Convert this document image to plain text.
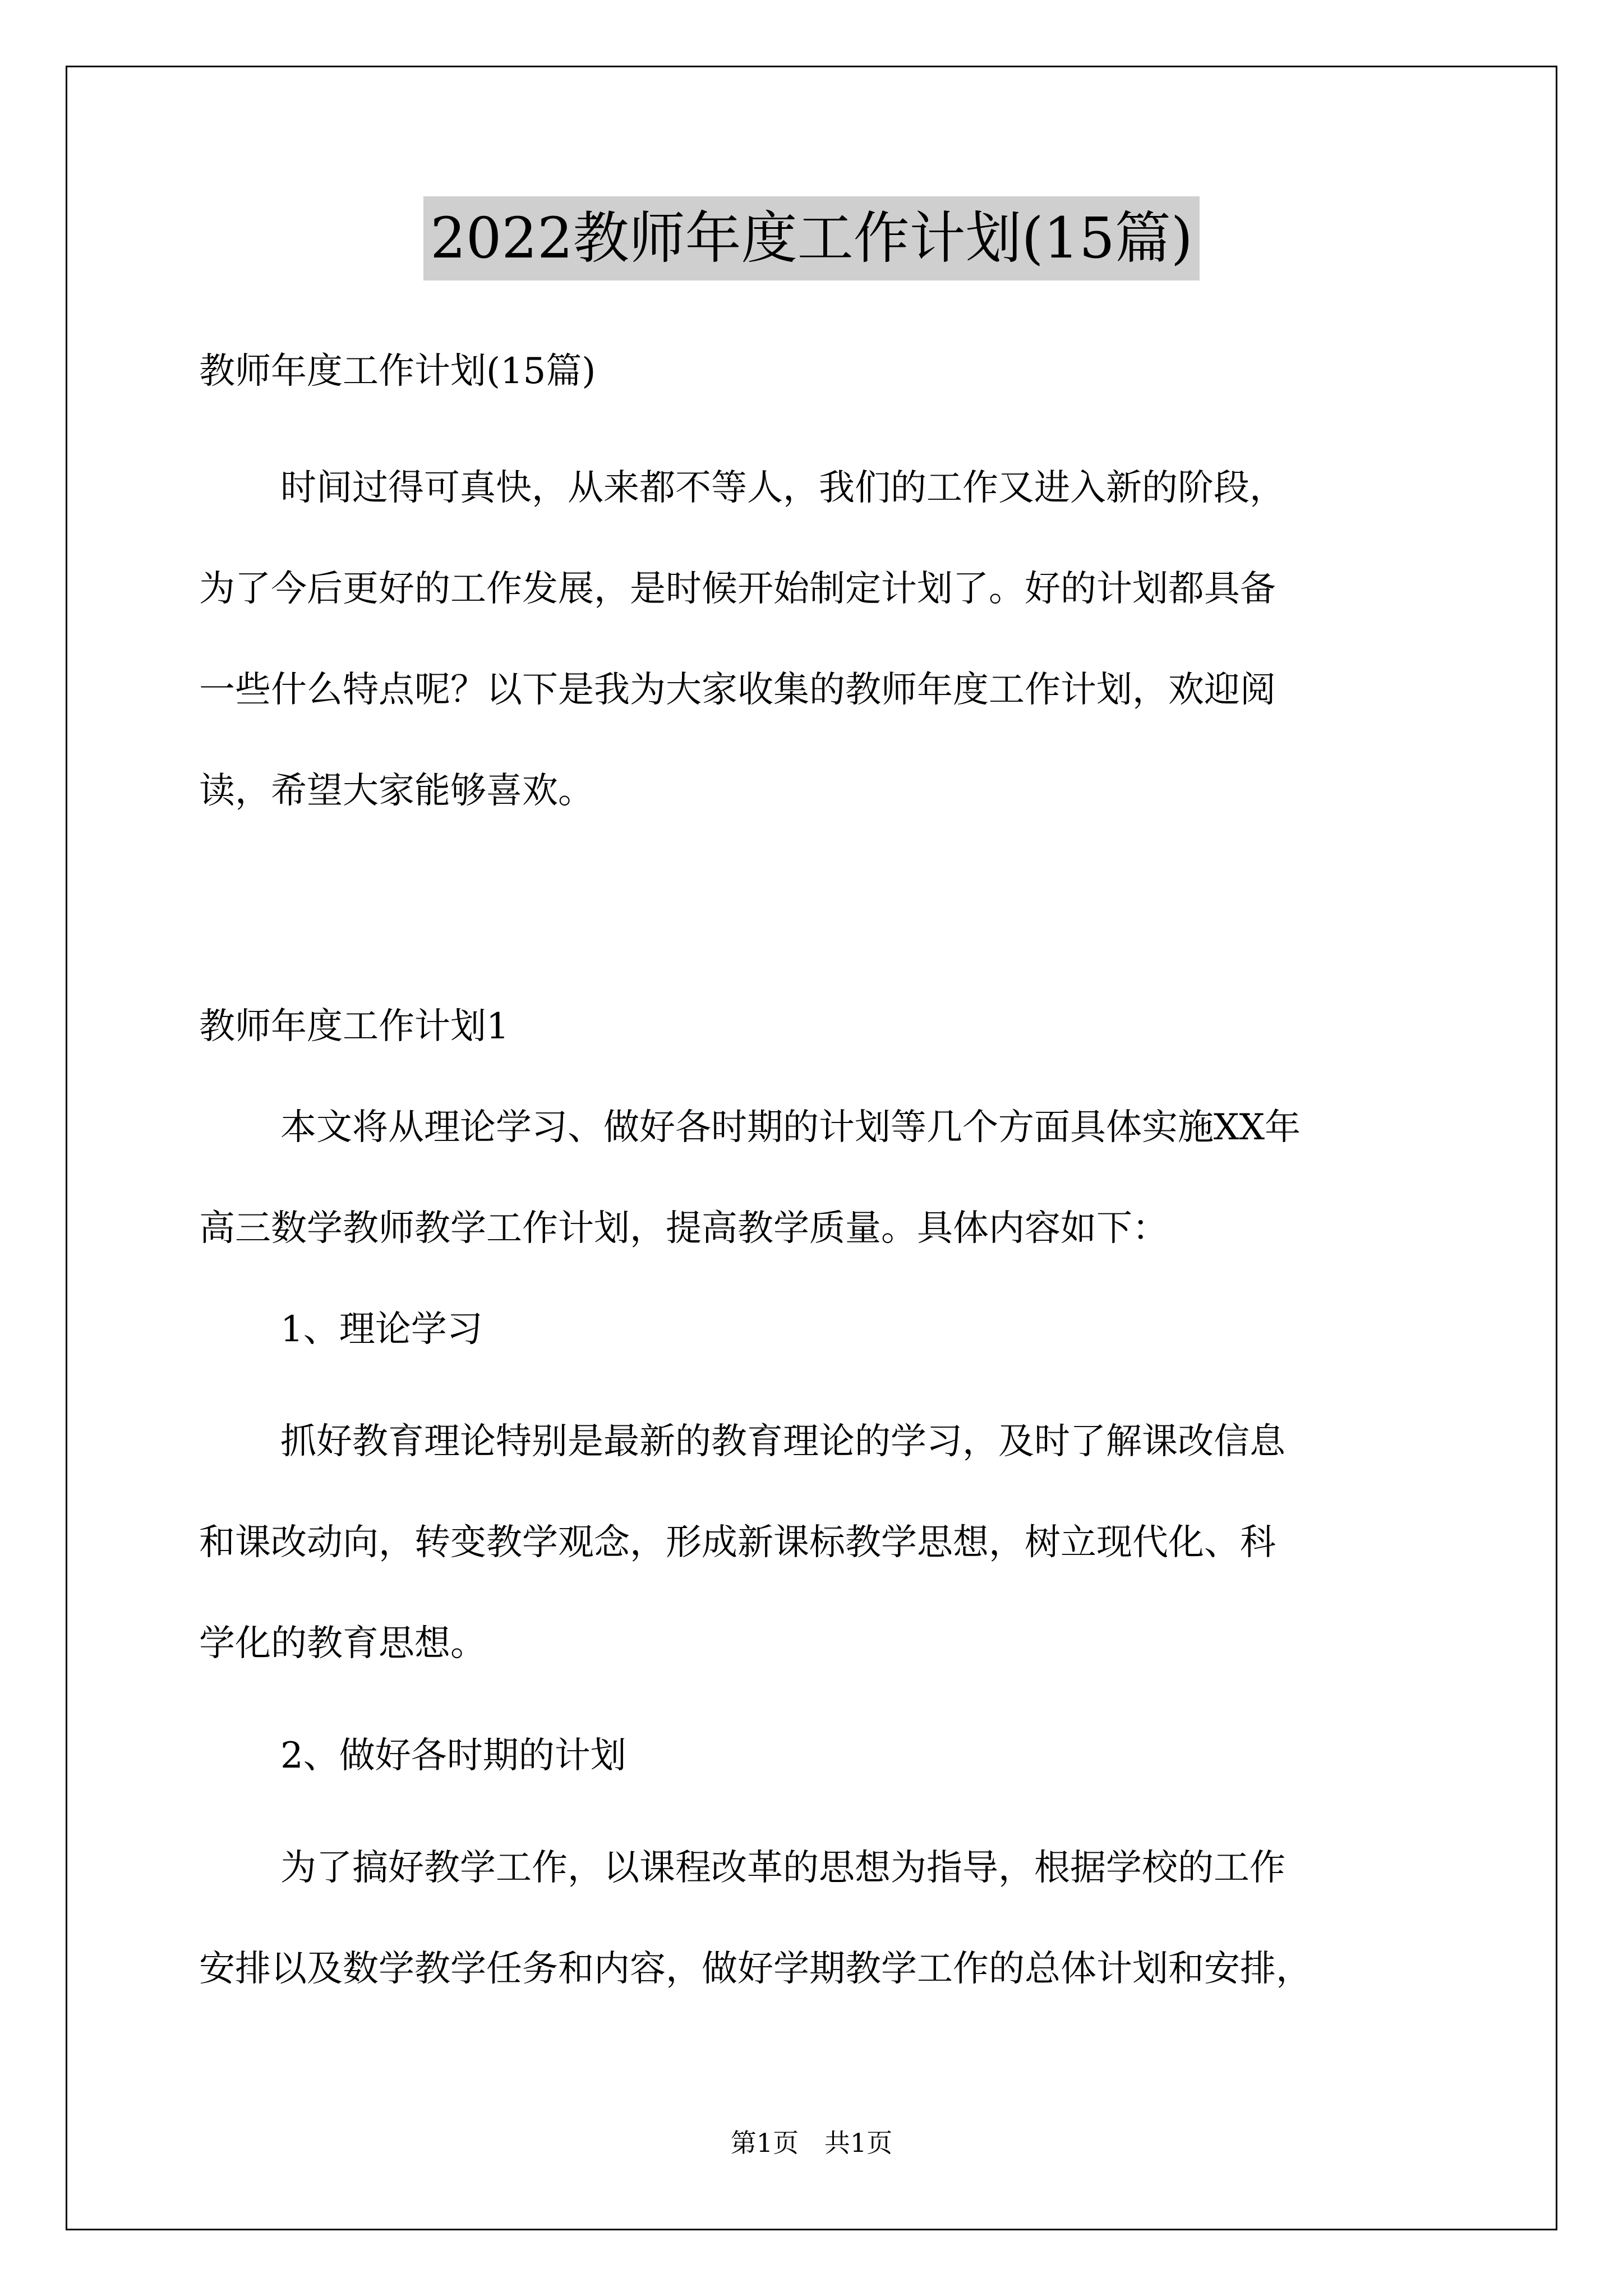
2022教师年度工作计划(15篇)

教师年度工作计划(15篇)

时间过得可真快，从来都不等人，我们的工作又进入新的阶段，

为了今后更好的工作发展，是时候开始制定计划了。好的计划都具备

一些什么特点呢？以下是我为大家收集的教师年度工作计划，欢迎阅

读，希望大家能够喜欢。

教师年度工作计划1

本文将从理论学习、做好各时期的计划等几个方面具体实施XX年

高三数学教师教学工作计划，提高教学质量。具体内容如下：

1、理论学习

抓好教育理论特别是最新的教育理论的学习，及时了解课改信息

和课改动向，转变教学观念，形成新课标教学思想，树立现代化、科

学化的教育思想。

2、做好各时期的计划

为了搞好教学工作，以课程改革的思想为指导，根据学校的工作

安排以及数学教学任务和内容，做好学期教学工作的总体计划和安排，

第1页　共1页
